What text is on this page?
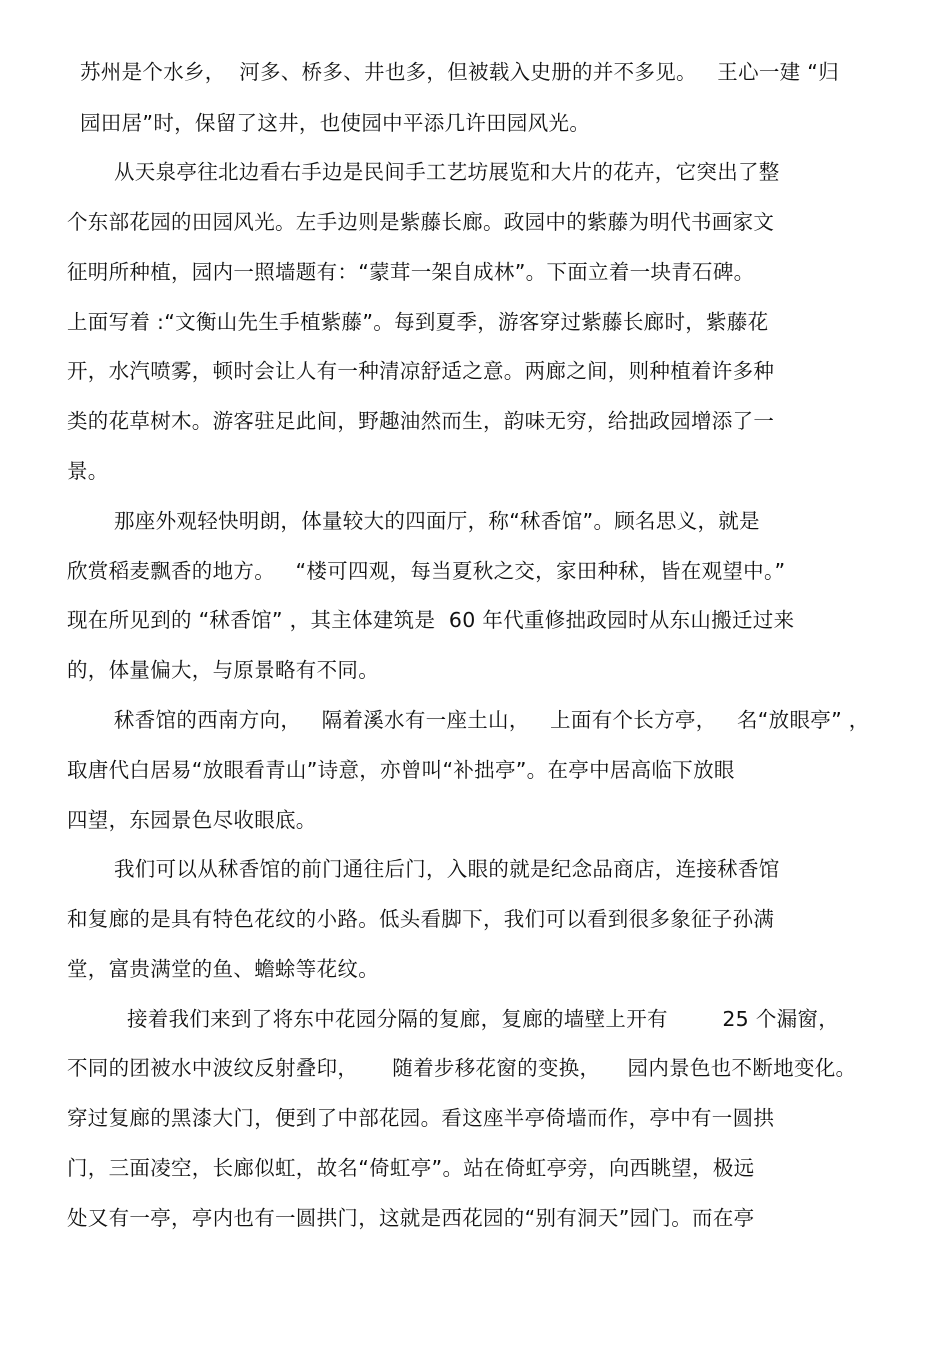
苏州是个水乡，  河多、桥多、井也多，但被载入史册的并不多见。   王心一建 “归
园田居”时，保留了这井，也使园中平添几许田园风光。
从天泉亭往北边看右手边是民间手工艺坊展览和大片的花卉，它突出了整
个东部花园的田园风光。左手边则是紫藤长廊。政园中的紫藤为明代书画家文
征明所种植，园内一照墙题有：“蒙茸一架自成林”。下面立着一块青石碑。
上面写着 :“文衡山先生手植紫藤”。每到夏季，游客穿过紫藤长廊时，紫藤花
开，水汽喷雾，顿时会让人有一种清凉舒适之意。两廊之间，则种植着许多种
类的花草树木。游客驻足此间，野趣油然而生，韵味无穷，给拙政园增添了一
景。
那座外观轻快明朗，体量较大的四面厅，称“秫香馆”。顾名思义，就是
欣赏稻麦飘香的地方。   “楼可四观，每当夏秋之交，家田种秫，皆在观望中。”
现在所见到的 “秫香馆” ，其主体建筑是  60 年代重修拙政园时从东山搬迁过来
的，体量偏大，与原景略有不同。
秫香馆的西南方向，   隔着溪水有一座土山，   上面有个长方亭，   名“放眼亭” ，
取唐代白居易“放眼看青山”诗意，亦曾叫“补拙亭”。在亭中居高临下放眼
四望，东园景色尽收眼底。
我们可以从秫香馆的前门通往后门，入眼的就是纪念品商店，连接秫香馆
和复廊的是具有特色花纹的小路。低头看脚下，我们可以看到很多象征子孙满
堂，富贵满堂的鱼、蟾蜍等花纹。
接着我们来到了将东中花园分隔的复廊，复廊的墙壁上开有        25 个漏窗，
不同的团被水中波纹反射叠印，     随着步移花窗的变换，    园内景色也不断地变化。
穿过复廊的黑漆大门，便到了中部花园。看这座半亭倚墙而作，亭中有一圆拱
门，三面凌空，长廊似虹，故名“倚虹亭”。站在倚虹亭旁，向西眺望，极远
处又有一亭，亭内也有一圆拱门，这就是西花园的“别有洞天”园门。而在亭
